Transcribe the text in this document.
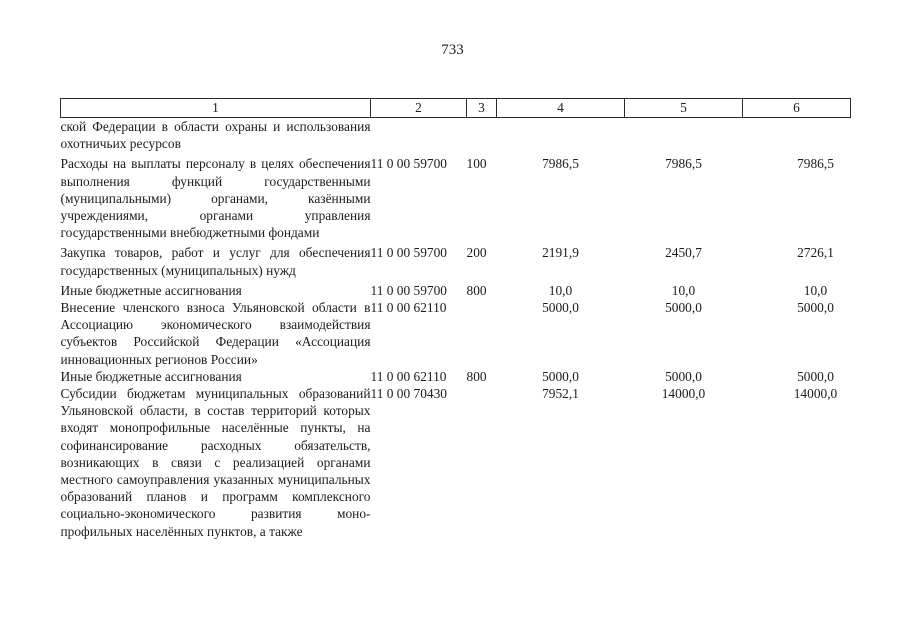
733
1	2	3	4	5	6
ской Федерации в области охраны и использования охотничьих ресурсов					
Расходы на выплаты персоналу в целях обеспечения выполнения функций государственными (муниципальными) органами, казёнными учреждениями, органами управления государственными внебюджетными фондами	11 0 00 59700	100	7986,5	7986,5	7986,5
Закупка товаров, работ и услуг для обеспечения государственных (муниципальных) нужд	11 0 00 59700	200	2191,9	2450,7	2726,1
Иные бюджетные ассигнования	11 0 00 59700	800	10,0	10,0	10,0
Внесение членского взноса Ульяновской области в Ассоциацию экономического взаимодействия субъектов Российской Федерации «Ассоциация инновационных регионов России»	11 0 00 62110		5000,0	5000,0	5000,0
Иные бюджетные ассигнования	11 0 00 62110	800	5000,0	5000,0	5000,0
Субсидии бюджетам муниципальных образований Ульяновской области, в состав территорий которых входят монопрофильные населённые пункты, на софинансирование расходных обязательств, возникающих в связи с реализацией органами местного самоуправления указанных муниципальных образований планов и программ комплексного социально-экономического развития монопрофильных населённых пунктов, а также	11 0 00 70430		7952,1	14000,0	14000,0
